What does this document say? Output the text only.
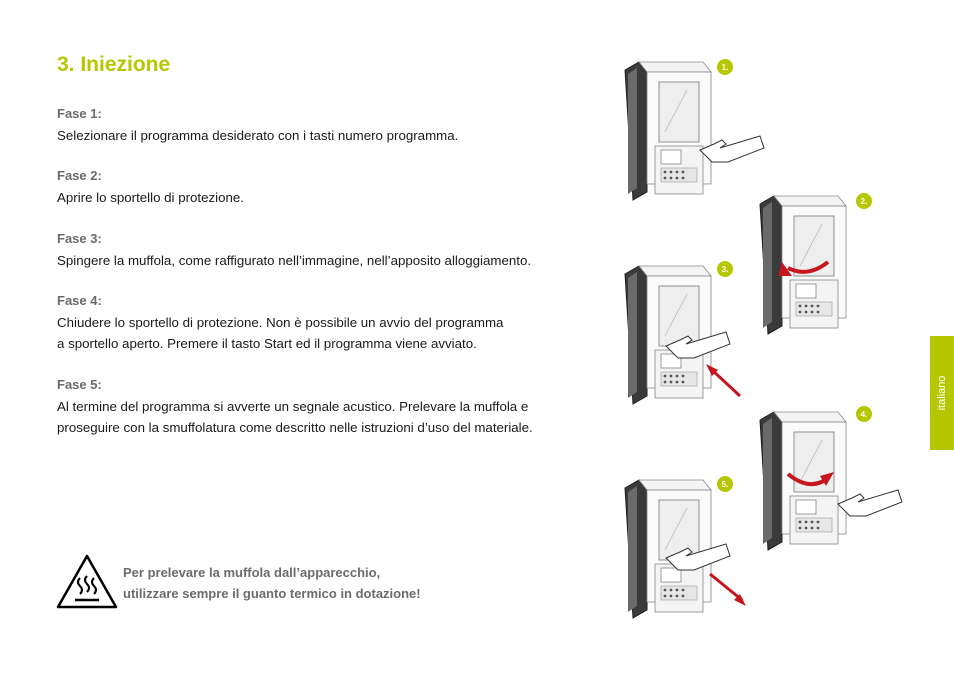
3. Iniezione
Fase 1:
Selezionare il programma desiderato con i tasti numero programma.
Fase 2:
Aprire lo sportello di protezione.
Fase 3:
Spingere la muffola, come raffigurato nell’immagine, nell’apposito alloggiamento.
Fase 4:
Chiudere lo sportello di protezione. Non è possibile un avvio del programma
a sportello aperto. Premere il tasto Start ed il programma viene avviato.
Fase 5:
Al termine del programma si avverte un segnale acustico. Prelevare la muffola e
proseguire con la smuffolatura come descritto nelle istruzioni d’uso del materiale.
Per prelevare la muffola dall’apparecchio,
utilizzare sempre il guanto termico in dotazione!
italiano
1.
2.
3.
4.
5.
